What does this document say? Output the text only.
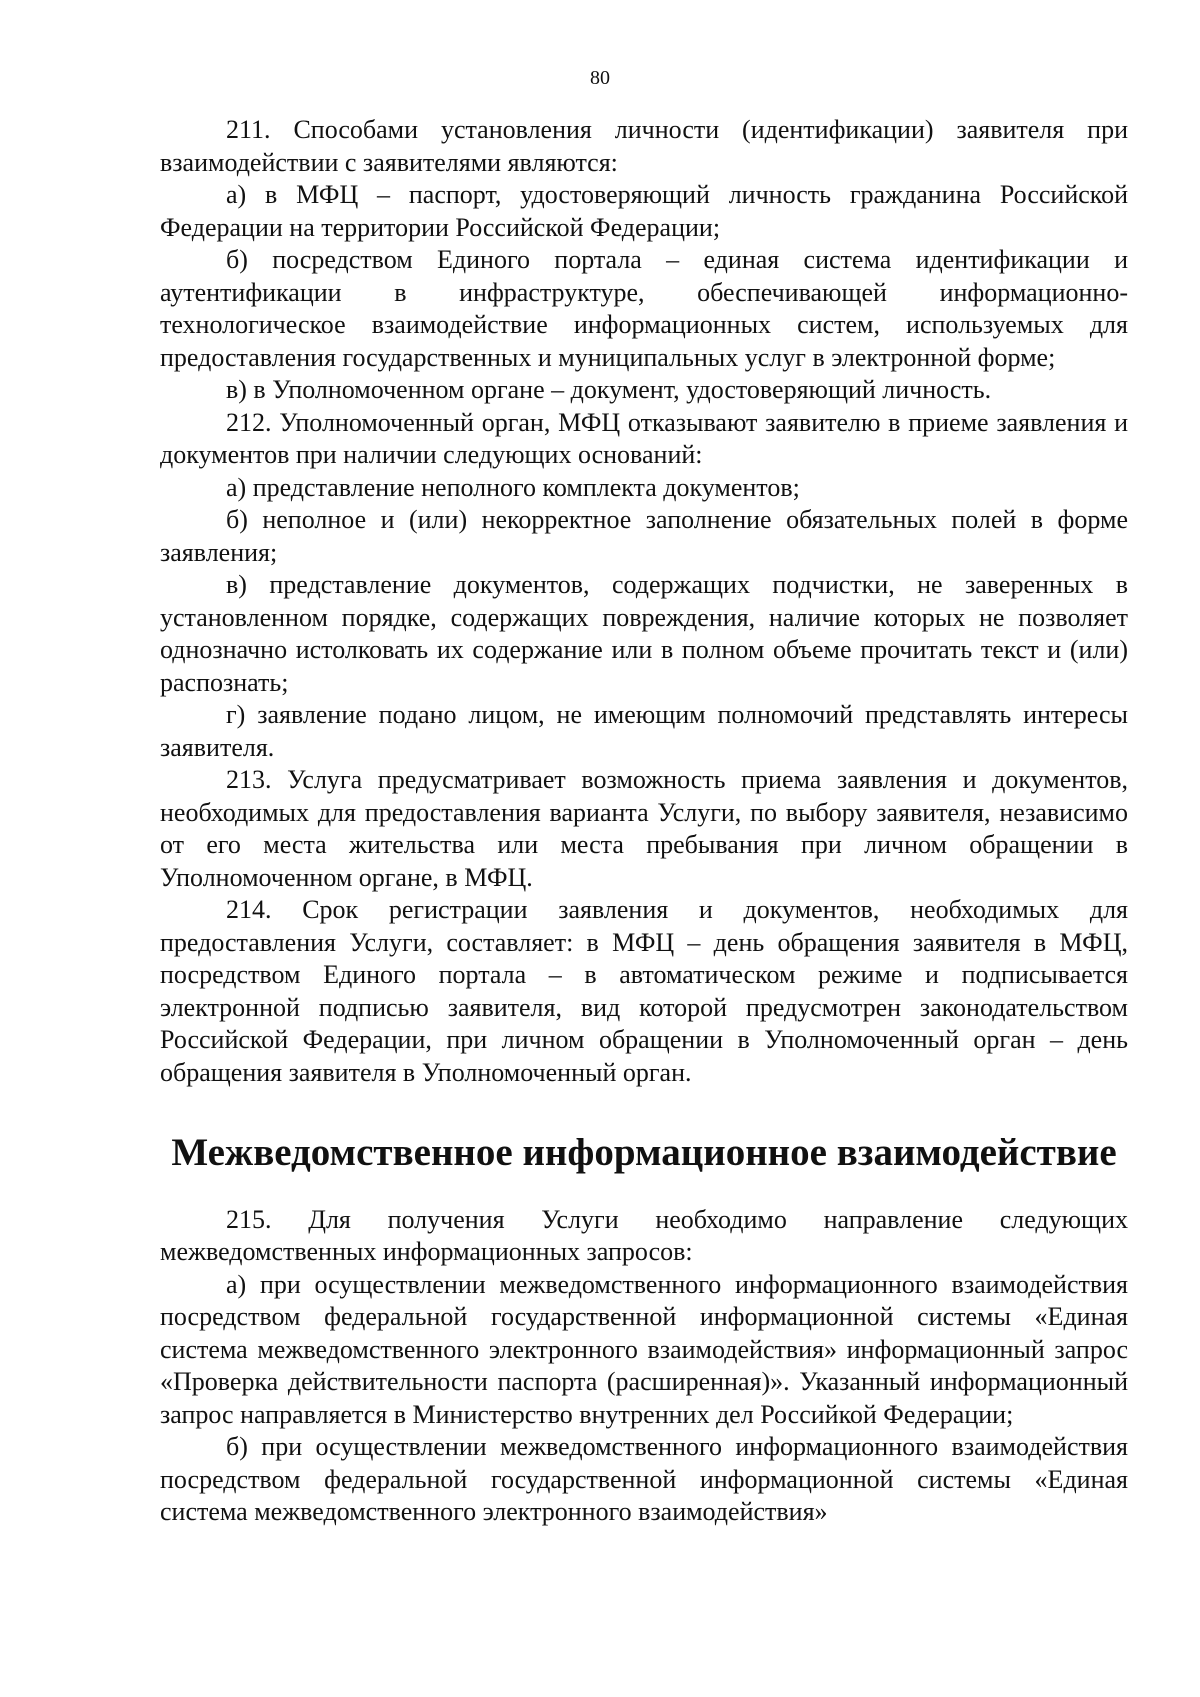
80

211. Способами установления личности (идентификации) заявителя при взаимодействии с заявителями являются:

а) в МФЦ – паспорт, удостоверяющий личность гражданина Российской Федерации на территории Российской Федерации;

б) посредством Единого портала – единая система идентификации и аутентификации в инфраструктуре, обеспечивающей информационно-технологическое взаимодействие информационных систем, используемых для предоставления государственных и муниципальных услуг в электронной форме;

в) в Уполномоченном органе – документ, удостоверяющий личность.

212. Уполномоченный орган, МФЦ отказывают заявителю в приеме заявления и документов при наличии следующих оснований:

а) представление неполного комплекта документов;

б) неполное и (или) некорректное заполнение обязательных полей в форме заявления;

в) представление документов, содержащих подчистки, не заверенных в установленном порядке, содержащих повреждения, наличие которых не позволяет однозначно истолковать их содержание или в полном объеме прочитать текст и (или) распознать;

г) заявление подано лицом, не имеющим полномочий представлять интересы заявителя.

213. Услуга предусматривает возможность приема заявления и документов, необходимых для предоставления варианта Услуги, по выбору заявителя, независимо от его места жительства или места пребывания при личном обращении в Уполномоченном органе, в МФЦ.

214. Срок регистрации заявления и документов, необходимых для предоставления Услуги, составляет: в МФЦ – день обращения заявителя в МФЦ, посредством Единого портала – в автоматическом режиме и подписывается электронной подписью заявителя, вид которой предусмотрен законодательством Российской Федерации, при личном обращении в Уполномоченный орган – день обращения заявителя в Уполномоченный орган.

Межведомственное информационное взаимодействие

215. Для получения Услуги необходимо направление следующих межведомственных информационных запросов:

а) при осуществлении межведомственного информационного взаимодействия посредством федеральной государственной информационной системы «Единая система межведомственного электронного взаимодействия» информационный запрос «Проверка действительности паспорта (расширенная)». Указанный информационный запрос направляется в Министерство внутренних дел Российкой Федерации;

б) при осуществлении межведомственного информационного взаимодействия посредством федеральной государственной информационной системы «Единая система межведомственного электронного взаимодействия»
